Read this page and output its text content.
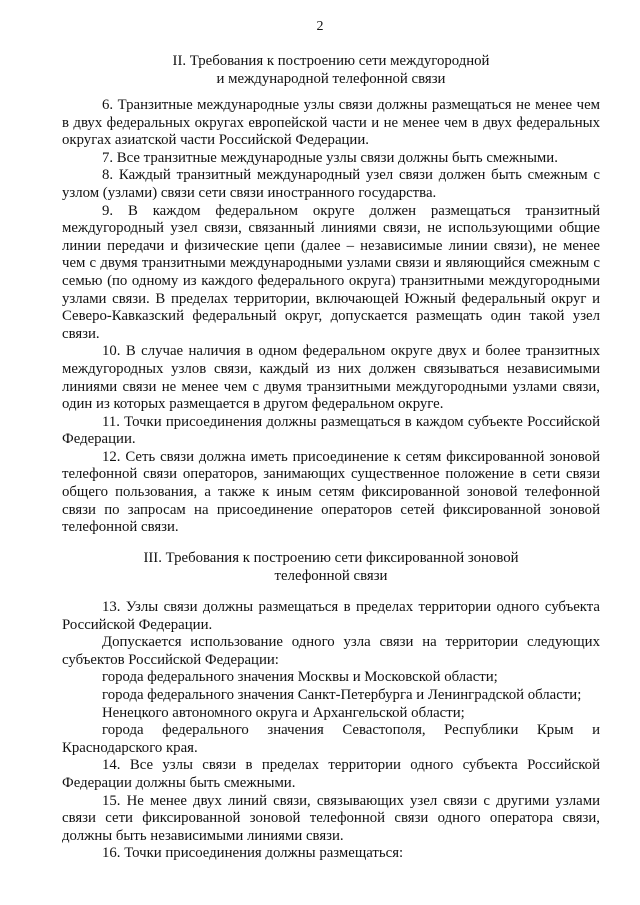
2
II. Требования к построению сети междугородной
и международной телефонной связи

6. Транзитные международные узлы связи должны размещаться не менее чем в двух федеральных округах европейской части и не менее чем в двух федеральных округах азиатской части Российской Федерации.

7. Все транзитные международные узлы связи должны быть смежными.

8. Каждый транзитный международный узел связи должен быть смежным с узлом (узлами) связи сети связи иностранного государства.

9. В каждом федеральном округе должен размещаться транзитный междугородный узел связи, связанный линиями связи, не использующими общие линии передачи и физические цепи (далее – независимые линии связи), не менее чем с двумя транзитными международными узлами связи и являющийся смежным с семью (по одному из каждого федерального округа) транзитными междугородными узлами связи. В пределах территории, включающей Южный федеральный округ и Северо-Кавказский федеральный округ, допускается размещать один такой узел связи.

10. В случае наличия в одном федеральном округе двух и более транзитных междугородных узлов связи, каждый из них должен связываться независимыми линиями связи не менее чем с двумя транзитными междугородными узлами связи, один из которых размещается в другом федеральном округе.

11. Точки присоединения должны размещаться в каждом субъекте Российской Федерации.

12. Сеть связи должна иметь присоединение к сетям фиксированной зоновой телефонной связи операторов, занимающих существенное положение в сети связи общего пользования, а также к иным сетям фиксированной зоновой телефонной связи по запросам на присоединение операторов сетей фиксированной зоновой телефонной связи.

III. Требования к построению сети фиксированной зоновой
телефонной связи

13. Узлы связи должны размещаться в пределах территории одного субъекта Российской Федерации.

Допускается использование одного узла связи на территории следующих субъектов Российской Федерации:

города федерального значения Москвы и Московской области;

города федерального значения Санкт-Петербурга и Ленинградской области;

Ненецкого автономного округа и Архангельской области;

города федерального значения Севастополя, Республики Крым и Краснодарского края.

14. Все узлы связи в пределах территории одного субъекта Российской Федерации должны быть смежными.

15. Не менее двух линий связи, связывающих узел связи с другими узлами связи сети фиксированной зоновой телефонной связи одного оператора связи, должны быть независимыми линиями связи.

16. Точки присоединения должны размещаться:
